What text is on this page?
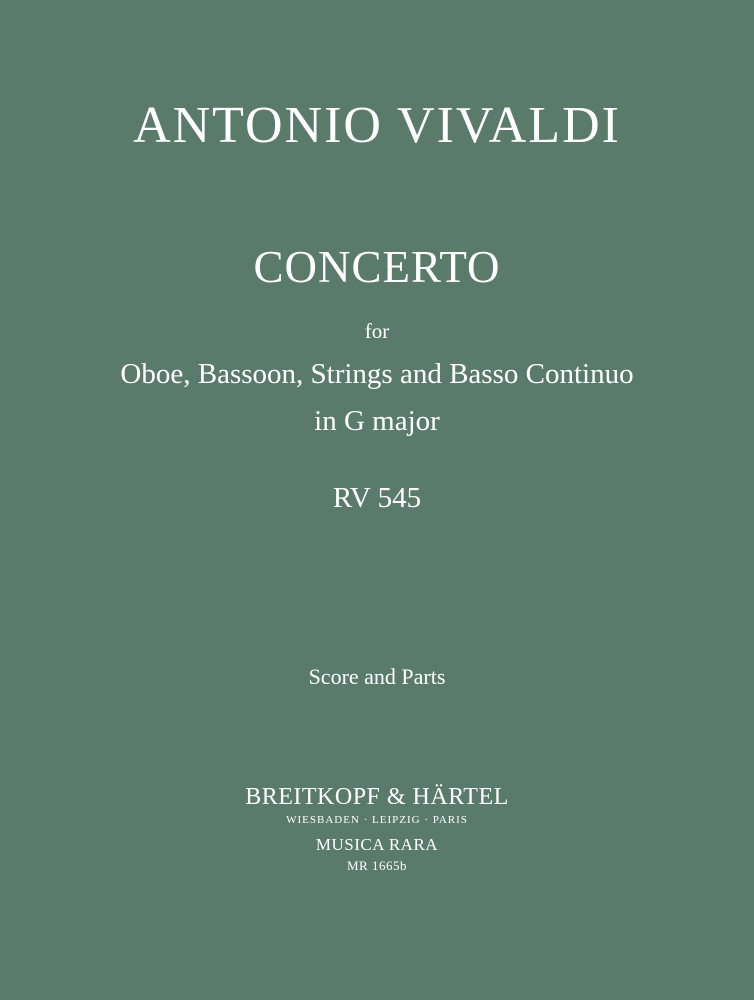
ANTONIO VIVALDI
CONCERTO
for
Oboe, Bassoon, Strings and Basso Continuo
in G major
RV 545
Score and Parts
BREITKOPF & HÄRTEL
WIESBADEN · LEIPZIG · PARIS
MUSICA RARA
MR 1665b
